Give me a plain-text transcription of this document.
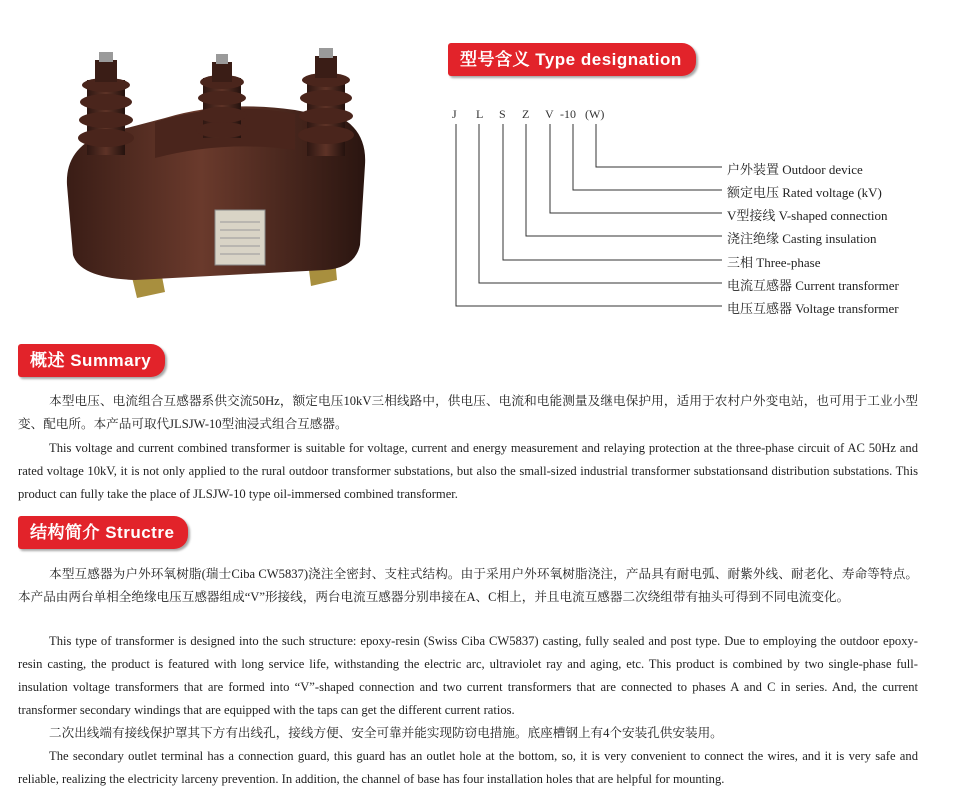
型号含义 Type designation
J L S Z V -10 (W)
户外装置 Outdoor device
额定电压 Rated voltage (kV)
V型接线 V-shaped connection
浇注绝缘 Casting insulation
三相 Three-phase
电流互感器 Current transformer
电压互感器 Voltage transformer
概述 Summary
本型电压、电流组合互感器系供交流50Hz，额定电压10kV三相线路中，供电压、电流和电能测量及继电保护用，适用于农村户外变电站，也可用于工业小型变、配电所。本产品可取代JLSJW-10型油浸式组合互感器。
This voltage and current combined transformer is suitable for voltage, current and energy measurement and relaying protection at the three-phase circuit of AC 50Hz and rated voltage 10kV, it is not only applied to the rural outdoor transformer substations, but also the small-sized industrial transformer substationsand distribution substations. This product can fully take the place of JLSJW-10 type oil-immersed combined transformer.
结构简介 Structre
本型互感器为户外环氧树脂(瑞士Ciba CW5837)浇注全密封、支柱式结构。由于采用户外环氧树脂浇注，产品具有耐电弧、耐紫外线、耐老化、寿命等特点。本产品由两台单相全绝缘电压互感器组成“V”形接线，两台电流互感器分别串接在A、C相上，并且电流互感器二次绕组带有抽头可得到不同电流变化。
This type of transformer is designed into the such structure: epoxy-resin (Swiss Ciba CW5837) casting, fully sealed and post type. Due to employing the outdoor epoxy-resin casting, the product is featured with long service life, withstanding the electric arc, ultraviolet ray and aging, etc. This product is combined by two single-phase full-insulation voltage transformers that are formed into “V”-shaped connection and two current transformers that are connected to phases A and C in series. And, the current transformer secondary windings that are equipped with the taps can get the different current ratios.
二次出线端有接线保护罩其下方有出线孔，接线方便、安全可靠并能实现防窃电措施。底座槽钢上有4个安装孔供安装用。
The secondary outlet terminal has a connection guard, this guard has an outlet hole at the bottom, so, it is very convenient to connect the wires, and it is very safe and reliable, realizing the electricity larceny prevention. In addition, the channel of base has four installation holes that are helpful for mounting.
